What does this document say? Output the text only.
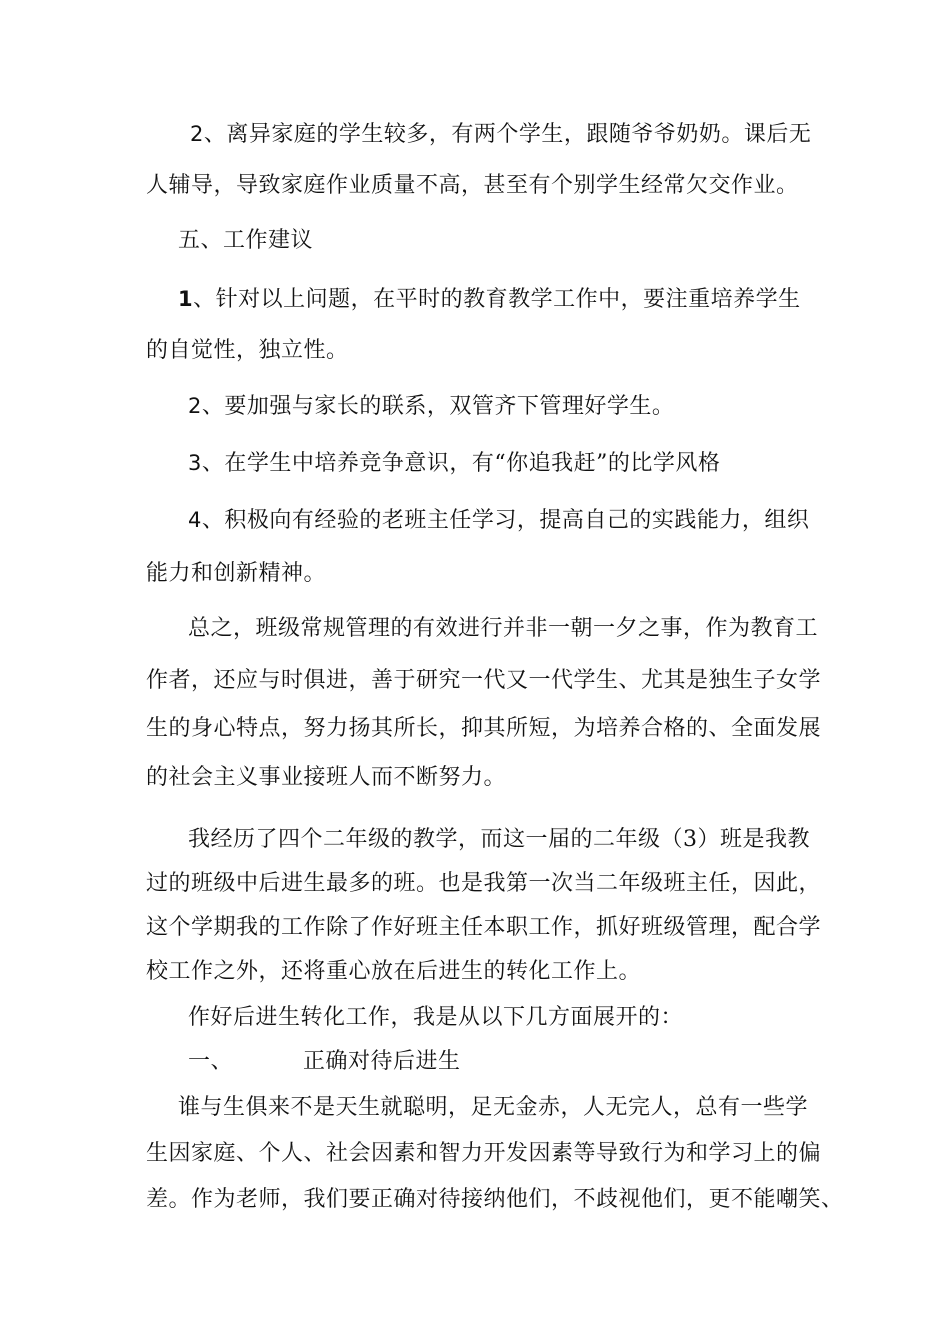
2、离异家庭的学生较多，有两个学生，跟随爷爷奶奶。课后无
人辅导，导致家庭作业质量不高，甚至有个别学生经常欠交作业。
五、工作建议
1、针对以上问题，在平时的教育教学工作中，要注重培养学生
的自觉性，独立性。
2、要加强与家长的联系，双管齐下管理好学生。
3、在学生中培养竞争意识，有“你追我赶”的比学风格
4、积极向有经验的老班主任学习，提高自己的实践能力，组织
能力和创新精神。
总之，班级常规管理的有效进行并非一朝一夕之事，作为教育工
作者，还应与时俱进，善于研究一代又一代学生、尤其是独生子女学
生的身心特点，努力扬其所长，抑其所短，为培养合格的、全面发展
的社会主义事业接班人而不断努力。
我经历了四个二年级的教学，而这一届的二年级（3）班是我教
过的班级中后进生最多的班。也是我第一次当二年级班主任，因此，
这个学期我的工作除了作好班主任本职工作，抓好班级管理，配合学
校工作之外，还将重心放在后进生的转化工作上。
作好后进生转化工作，我是从以下几方面展开的：
一、	正确对待后进生
谁与生俱来不是天生就聪明，足无金赤，人无完人，总有一些学
生因家庭、个人、社会因素和智力开发因素等导致行为和学习上的偏
差。作为老师，我们要正确对待接纳他们，不歧视他们，更不能嘲笑、
